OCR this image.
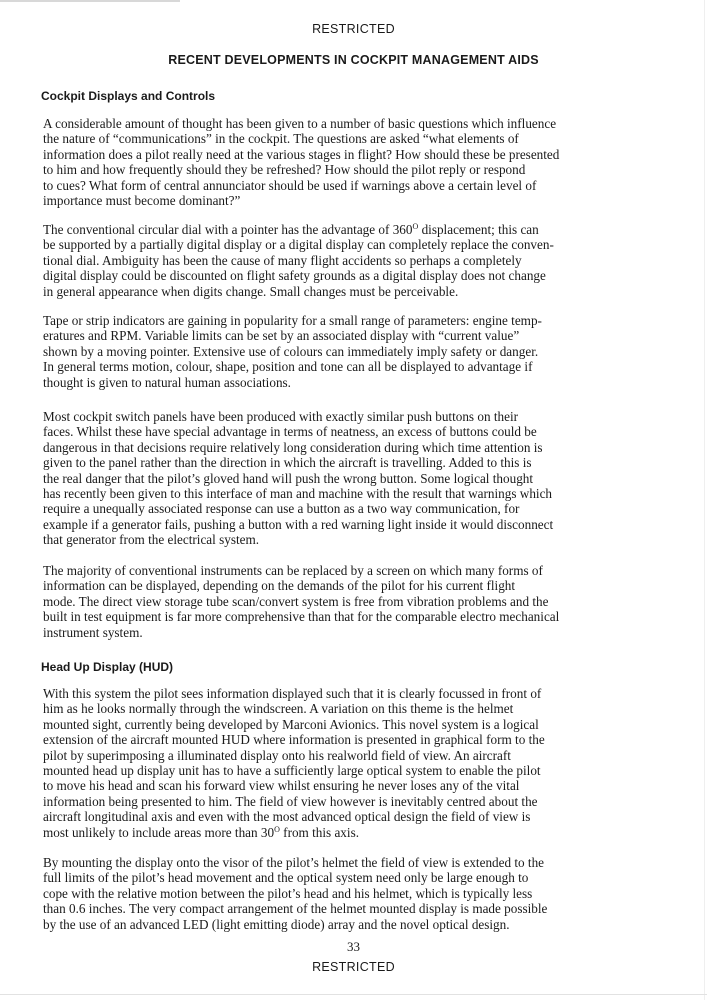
RESTRICTED
RECENT DEVELOPMENTS IN COCKPIT MANAGEMENT AIDS
Cockpit Displays and Controls
A considerable amount of thought has been given to a number of basic questions which influence
the nature of “communications” in the cockpit. The questions are asked “what elements of
information does a pilot really need at the various stages in flight? How should these be presented
to him and how frequently should they be refreshed? How should the pilot reply or respond
to cues? What form of central annunciator should be used if warnings above a certain level of
importance must become dominant?”
The conventional circular dial with a pointer has the advantage of $360^O$ displacement; this can
be supported by a partially digital display or a digital display can completely replace the conven-
tional dial. Ambiguity has been the cause of many flight accidents so perhaps a completely
digital display could be discounted on flight safety grounds as a digital display does not change
in general appearance when digits change. Small changes must be perceivable.
Tape or strip indicators are gaining in popularity for a small range of parameters: engine temp-
eratures and RPM. Variable limits can be set by an associated display with “current value”
shown by a moving pointer. Extensive use of colours can immediately imply safety or danger.
In general terms motion, colour, shape, position and tone can all be displayed to advantage if
thought is given to natural human associations.
Most cockpit switch panels have been produced with exactly similar push buttons on their
faces. Whilst these have special advantage in terms of neatness, an excess of buttons could be
dangerous in that decisions require relatively long consideration during which time attention is
given to the panel rather than the direction in which the aircraft is travelling. Added to this is
the real danger that the pilot’s gloved hand will push the wrong button. Some logical thought
has recently been given to this interface of man and machine with the result that warnings which
require a unequally associated response can use a button as a two way communication, for
example if a generator fails, pushing a button with a red warning light inside it would disconnect
that generator from the electrical system.
The majority of conventional instruments can be replaced by a screen on which many forms of
information can be displayed, depending on the demands of the pilot for his current flight
mode. The direct view storage tube scan/convert system is free from vibration problems and the
built in test equipment is far more comprehensive than that for the comparable electro mechanical
instrument system.
Head Up Display (HUD)
With this system the pilot sees information displayed such that it is clearly focussed in front of
him as he looks normally through the windscreen. A variation on this theme is the helmet
mounted sight, currently being developed by Marconi Avionics. This novel system is a logical
extension of the aircraft mounted HUD where information is presented in graphical form to the
pilot by superimposing a illuminated display onto his realworld field of view. An aircraft
mounted head up display unit has to have a sufficiently large optical system to enable the pilot
to move his head and scan his forward view whilst ensuring he never loses any of the vital
information being presented to him. The field of view however is inevitably centred about the
aircraft longitudinal axis and even with the most advanced optical design the field of view is
most unlikely to include areas more than $30^O$ from this axis.
By mounting the display onto the visor of the pilot’s helmet the field of view is extended to the
full limits of the pilot’s head movement and the optical system need only be large enough to
cope with the relative motion between the pilot’s head and his helmet, which is typically less
than 0.6 inches. The very compact arrangement of the helmet mounted display is made possible
by the use of an advanced LED (light emitting diode) array and the novel optical design.
33
RESTRICTED
